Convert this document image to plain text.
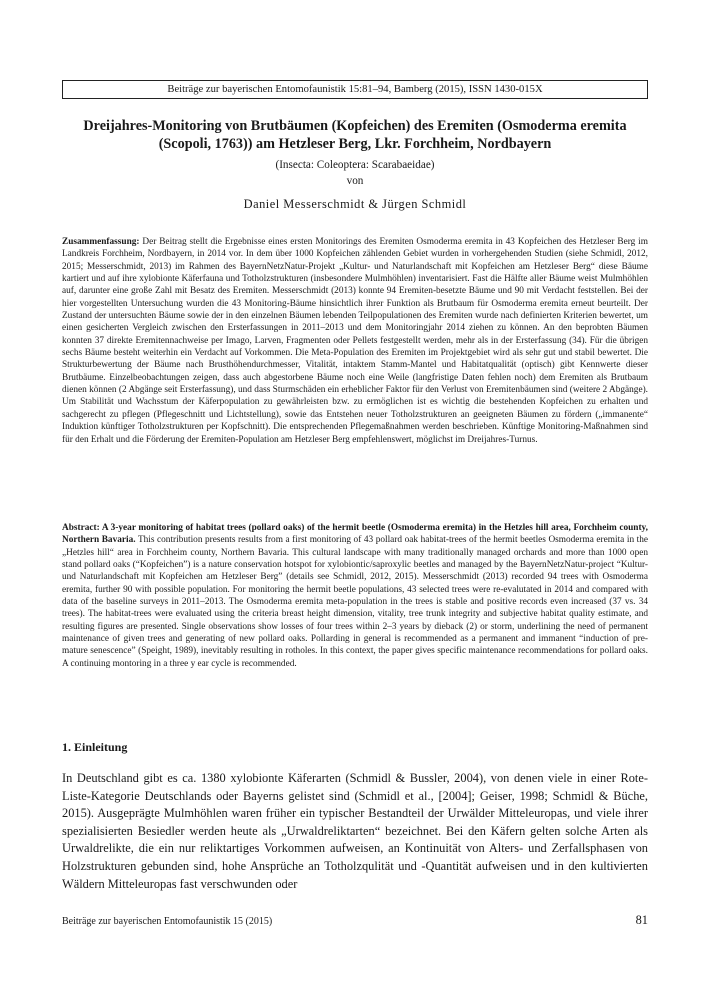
Beiträge zur bayerischen Entomofaunistik 15:81–94, Bamberg (2015), ISSN 1430-015X
Dreijahres-Monitoring von Brutbäumen (Kopfeichen) des Eremiten (Osmoderma eremita (Scopoli, 1763)) am Hetzleser Berg, Lkr. Forchheim, Nordbayern
(Insecta: Coleoptera: Scarabaeidae)
von
Daniel Messerschmidt & Jürgen Schmidl
Zusammenfassung: Der Beitrag stellt die Ergebnisse eines ersten Monitorings des Eremiten Osmoderma eremita in 43 Kopfeichen des Hetzleser Berg im Landkreis Forchheim, Nordbayern, in 2014 vor. In dem über 1000 Kopfeichen zählenden Gebiet wurden in vorhergehenden Studien (siehe Schmidl, 2012, 2015; Messerschmidt, 2013) im Rahmen des BayernNetzNatur-Projekt „Kultur- und Naturlandschaft mit Kopfeichen am Hetzleser Berg“ diese Bäume kartiert und auf ihre xylobionte Käferfauna und Totholzstrukturen (insbesondere Mulmhöhlen) inventarisiert. Fast die Hälfte aller Bäume weist Mulmhöhlen auf, darunter eine große Zahl mit Besatz des Eremiten. Messerschmidt (2013) konnte 94 Eremiten-besetzte Bäume und 90 mit Verdacht feststellen. Bei der hier vorgestellten Untersuchung wurden die 43 Monitoring-Bäume hinsichtlich ihrer Funktion als Brutbaum für Osmoderma eremita erneut beurteilt. Der Zustand der untersuchten Bäume sowie der in den einzelnen Bäumen lebenden Teilpopulationen des Eremiten wurde nach definierten Kriterien bewertet, um einen gesicherten Vergleich zwischen den Ersterfassungen in 2011–2013 und dem Monitoringjahr 2014 ziehen zu können. An den beprobten Bäumen konnten 37 direkte Eremitennachweise per Imago, Larven, Fragmenten oder Pellets festgestellt werden, mehr als in der Ersterfassung (34). Für die übrigen sechs Bäume besteht weiterhin ein Verdacht auf Vorkommen. Die Meta-Population des Eremiten im Projektgebiet wird als sehr gut und stabil bewertet. Die Strukturbewertung der Bäume nach Brusthöhendurchmesser, Vitalität, intaktem Stamm-Mantel und Habitatqualität (optisch) gibt Kennwerte dieser Brutbäume. Einzelbeobachtungen zeigen, dass auch abgestorbene Bäume noch eine Weile (langfristige Daten fehlen noch) dem Eremiten als Brutbaum dienen können (2 Abgänge seit Ersterfassung), und dass Sturmschäden ein erheblicher Faktor für den Verlust von Eremitenbäumen sind (weitere 2 Abgänge). Um Stabilität und Wachsstum der Käferpopulation zu gewährleisten bzw. zu ermöglichen ist es wichtig die bestehenden Kopfeichen zu erhalten und sachgerecht zu pflegen (Pflegeschnitt und Lichtstellung), sowie das Entstehen neuer Totholzstrukturen an geeigneten Bäumen zu fördern („immanente“ Induktion künftiger Totholzstrukturen per Kopfschnitt). Die entsprechenden Pflegemaßnahmen werden beschrieben. Künftige Monitoring-Maßnahmen sind für den Erhalt und die Förderung der Eremiten-Population am Hetzleser Berg empfehlenswert, möglichst im Dreijahres-Turnus.
Abstract: A 3-year monitoring of habitat trees (pollard oaks) of the hermit beetle (Osmoderma eremita) in the Hetzles hill area, Forchheim county, Northern Bavaria. This contribution presents results from a first monitoring of 43 pollard oak habitat-trees of the hermit beetles Osmoderma eremita in the „Hetzles hill“ area in Forchheim county, Northern Bavaria. This cultural landscape with many traditionally managed orchards and more than 1000 open stand pollard oaks (“Kopfeichen”) is a nature conservation hotspot for xylobiontic/saproxylic beetles and managed by the BayernNetzNatur-project “Kultur- und Naturlandschaft mit Kopfeichen am Hetzleser Berg” (details see Schmidl, 2012, 2015). Messerschmidt (2013) recorded 94 trees with Osmoderma eremita, further 90 with possible population. For monitoring the hermit beetle populations, 43 selected trees were re-evalutated in 2014 and compared with data of the baseline surveys in 2011–2013. The Osmoderma eremita meta-population in the trees is stable and positive records even increased (37 vs. 34 trees). The habitat-trees were evaluated using the criteria breast height dimension, vitality, tree trunk integrity and subjective habitat quality estimate, and resulting figures are presented. Single observations show losses of four trees within 2–3 years by dieback (2) or storm, underlining the need of permanent maintenance of given trees and generating of new pollard oaks. Pollarding in general is recommended as a permanent and immanent “induction of pre-mature senescence” (Speight, 1989), inevitably resulting in rotholes. In this context, the paper gives specific maintenance recommendations for pollard oaks. A continuing montoring in a three y ear cycle is recommended.
1. Einleitung
In Deutschland gibt es ca. 1380 xylobionte Käferarten (Schmidl & Bussler, 2004), von denen viele in einer Rote-Liste-Kategorie Deutschlands oder Bayerns gelistet sind (Schmidl et al., [2004]; Geiser, 1998; Schmidl & Büche, 2015). Ausgeprägte Mulmhöhlen waren früher ein typischer Bestandteil der Urwälder Mitteleuropas, und viele ihrer spezialisierten Besiedler werden heute als „Urwaldreliktarten“ bezeichnet. Bei den Käfern gelten solche Arten als Urwaldrelikte, die ein nur reliktartiges Vorkommen aufweisen, an Kontinuität von Alters- und Zerfallsphasen von Holzstrukturen gebunden sind, hohe Ansprüche an Totholzqulität und -Quantität aufweisen und in den kultivierten Wäldern Mitteleuropas fast verschwunden oder
Beiträge zur bayerischen Entomofaunistik 15 (2015)	81
